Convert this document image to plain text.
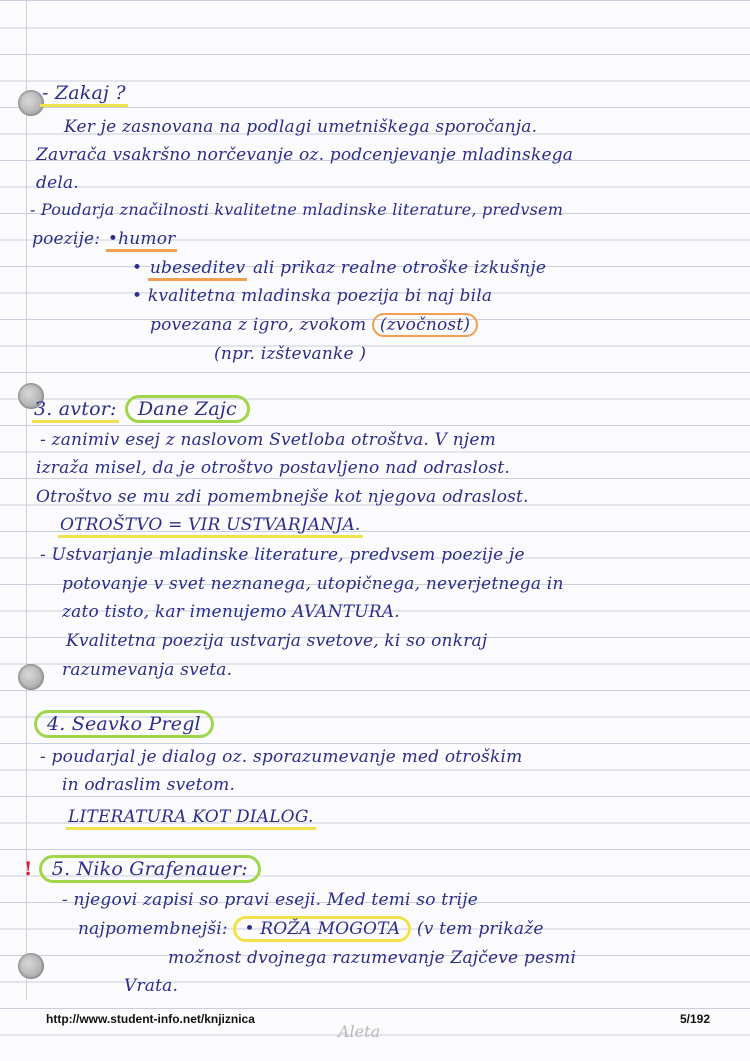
- Zakaj ?
Ker je zasnovana na podlagi umetniškega sporočanja.
Zavrača vsakršno norčevanje oz. podcenjevanje mladinskega
dela.
- Poudarja značilnosti kvalitetne mladinske literature, predvsem
poezije: •humor
• ubeseditev ali prikaz realne otroške izkušnje
• kvalitetna mladinska poezija bi naj bila
povezana z igro, zvokom (zvočnost)
(npr. izštevanke )
3. avtor: Dane Zajc
- zanimiv esej z naslovom Svetloba otroštva. V njem
izraža misel, da je otroštvo postavljeno nad odraslost.
Otroštvo se mu zdi pomembnejše kot njegova odraslost.
OTROŠTVO = VIR USTVARJANJA.
- Ustvarjanje mladinske literature, predvsem poezije je
potovanje v svet neznanega, utopičnega, neverjetnega in
zato tisto, kar imenujemo AVANTURA.
Kvalitetna poezija ustvarja svetove, ki so onkraj
razumevanja sveta.
4. Seavko Pregl
- poudarjal je dialog oz. sporazumevanje med otroškim
in odraslim svetom.
LITERATURA KOT DIALOG.
! 5. Niko Grafenauer:
- njegovi zapisi so pravi eseji. Med temi so trije
najpomembnejši: • ROŽA MOGOTA (v tem prikaže
možnost dvojnega razumevanje Zajčeve pesmi
Vrata.
http://www.student-info.net/knjiznica	5/192
Aleta
